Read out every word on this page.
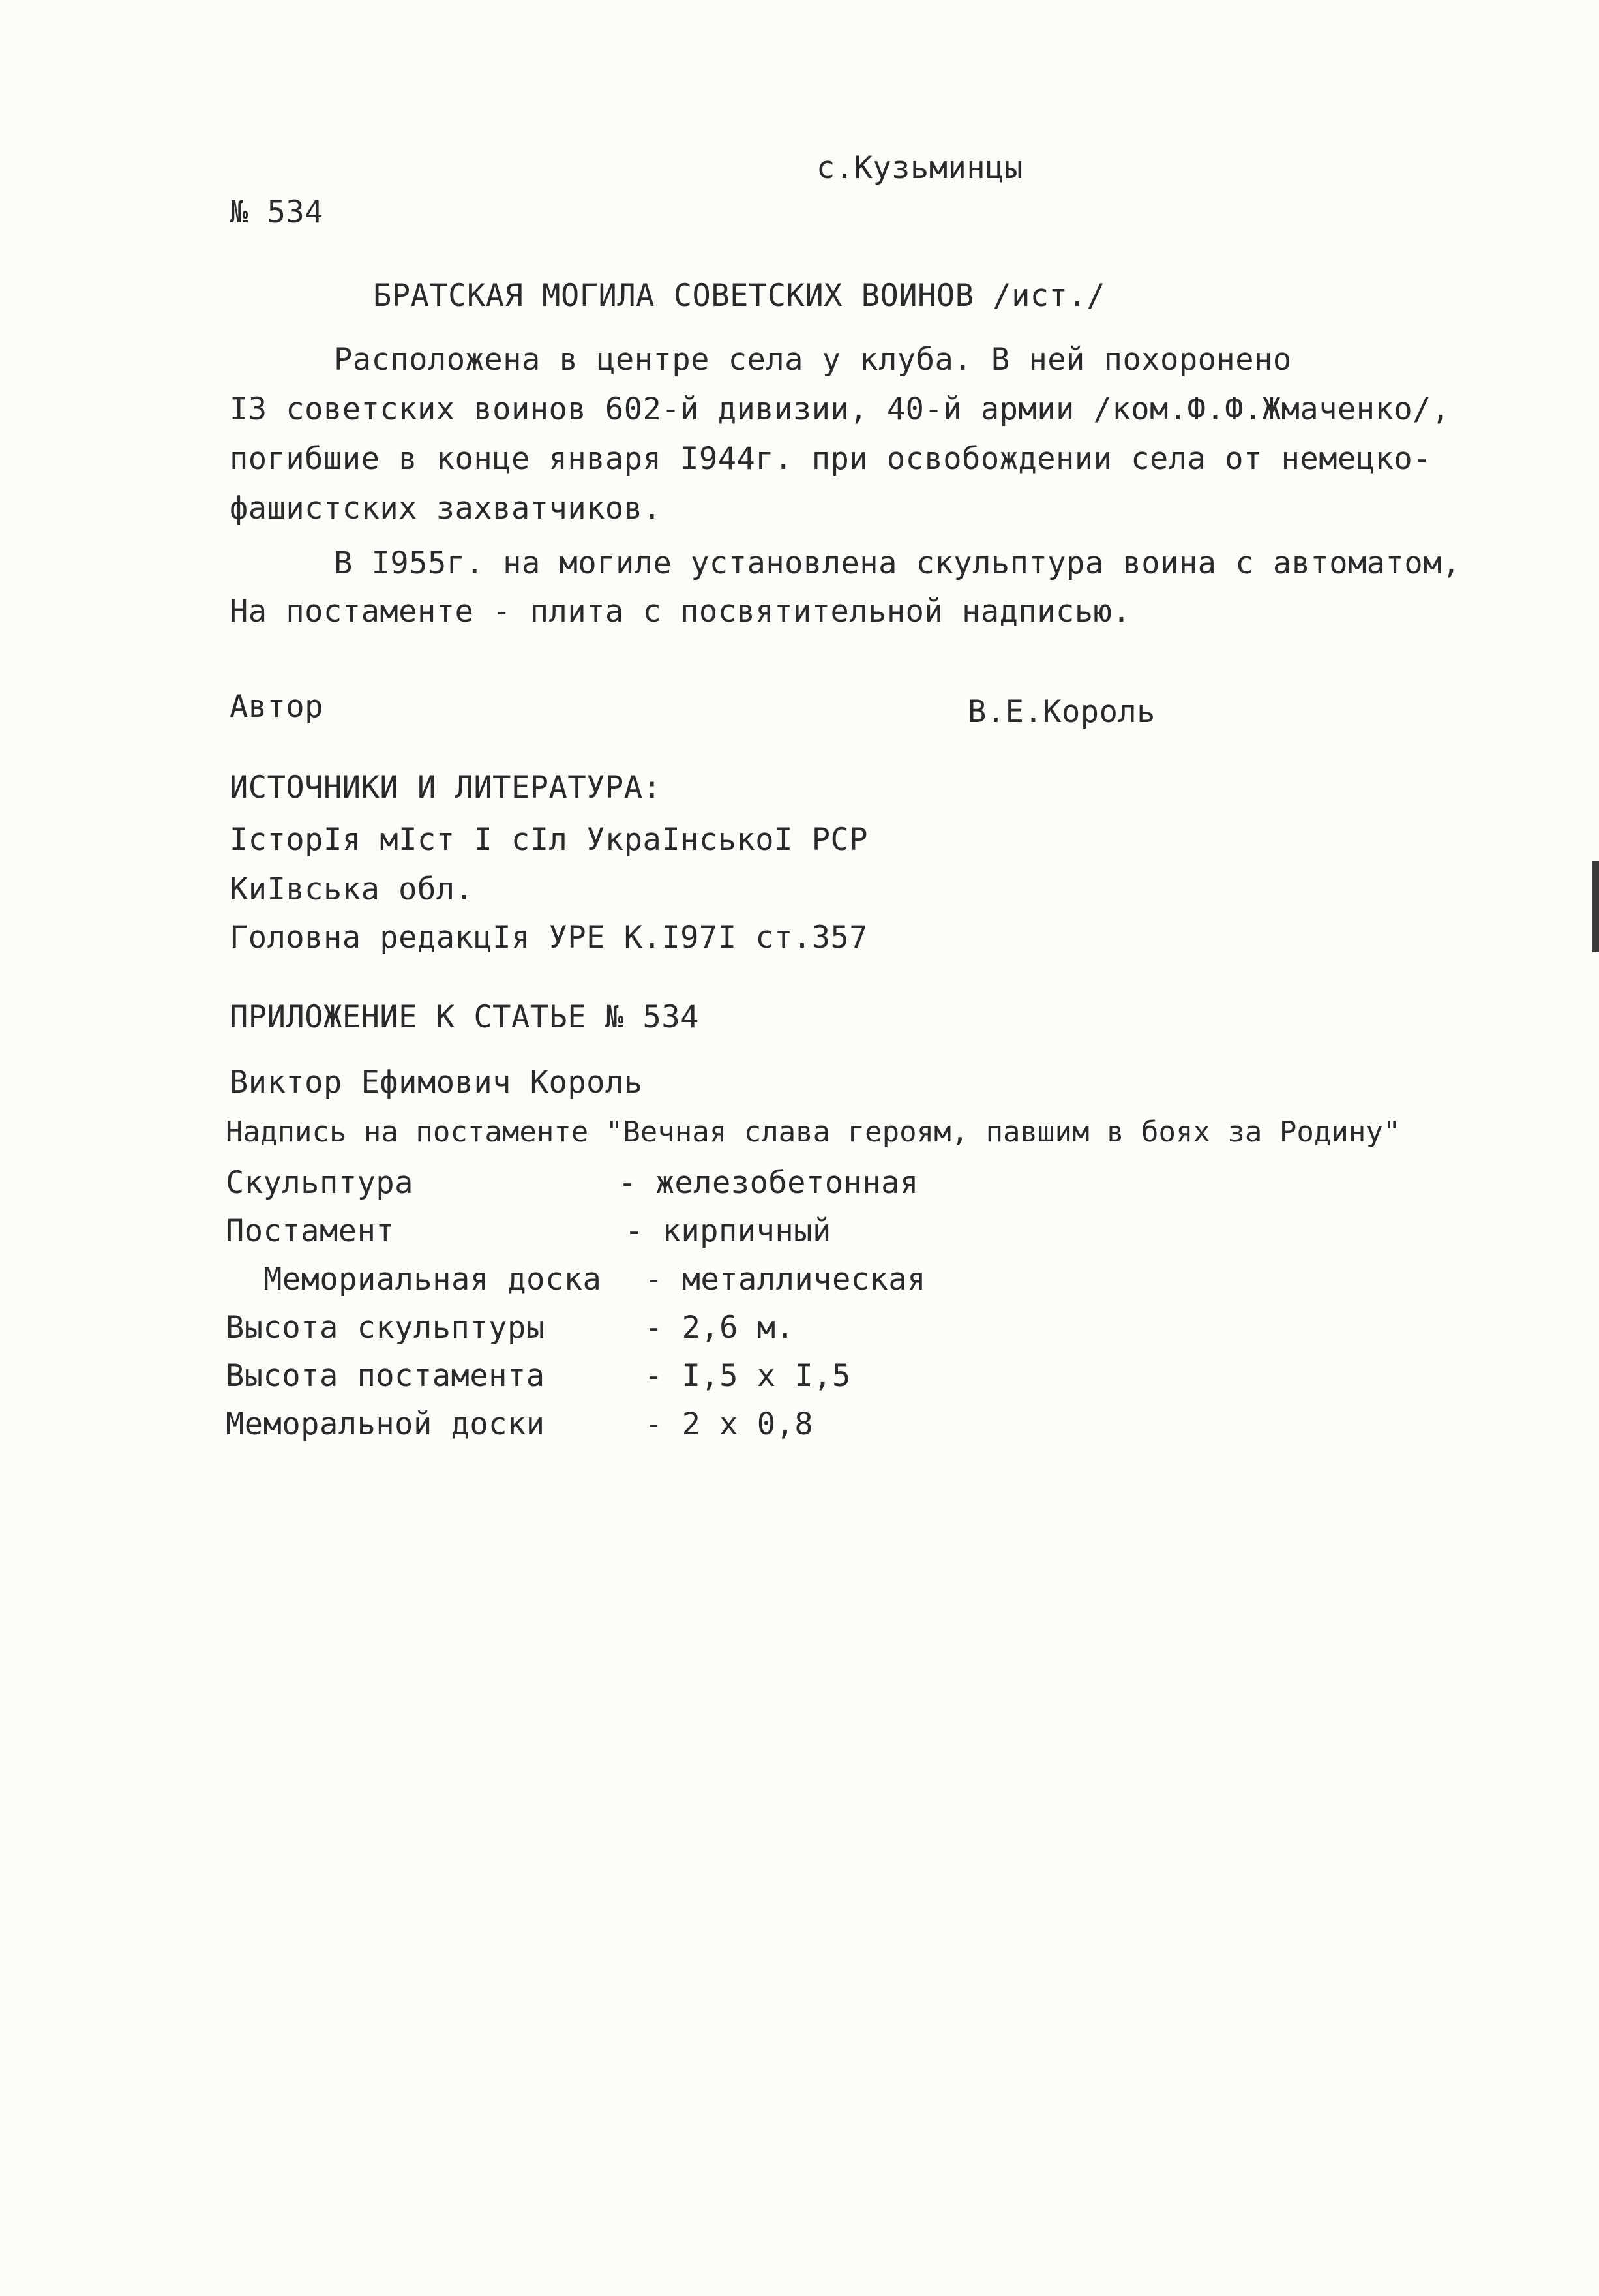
с.Кузьминцы
№ 534
БРАТСКАЯ МОГИЛА СОВЕТСКИХ ВОИНОВ /ист./
Расположена в центре села у клуба. В ней похоронено
I3 советских воинов 602-й дивизии, 40-й армии /ком.Ф.Ф.Жмаченко/,
погибшие в конце января I944г. при освобождении села от немецко-
фашистских захватчиков.
В I955г. на могиле установлена скульптура воина с автоматом,
На постаменте - плита с посвятительной надписью.
Автор	В.Е.Король
ИСТОЧНИКИ И ЛИТЕРАТУРА:
ІсторІя мІст І сІл УкраІнськоІ РСР
КиІвська обл.
Головна редакцІя УРЕ К.І97І ст.357
ПРИЛОЖЕНИЕ К СТАТЬЕ № 534
Виктор Ефимович Король
Надпись на постаменте "Вечная слава героям, павшим в боях за Родину"
Скульптура	- железобетонная
Постамент	- кирпичный
Мемориальная доска - металлическая
Высота скульптуры	- 2,6 м.
Высота постамента	- I,5 x I,5
Меморальной доски	- 2 x 0,8
